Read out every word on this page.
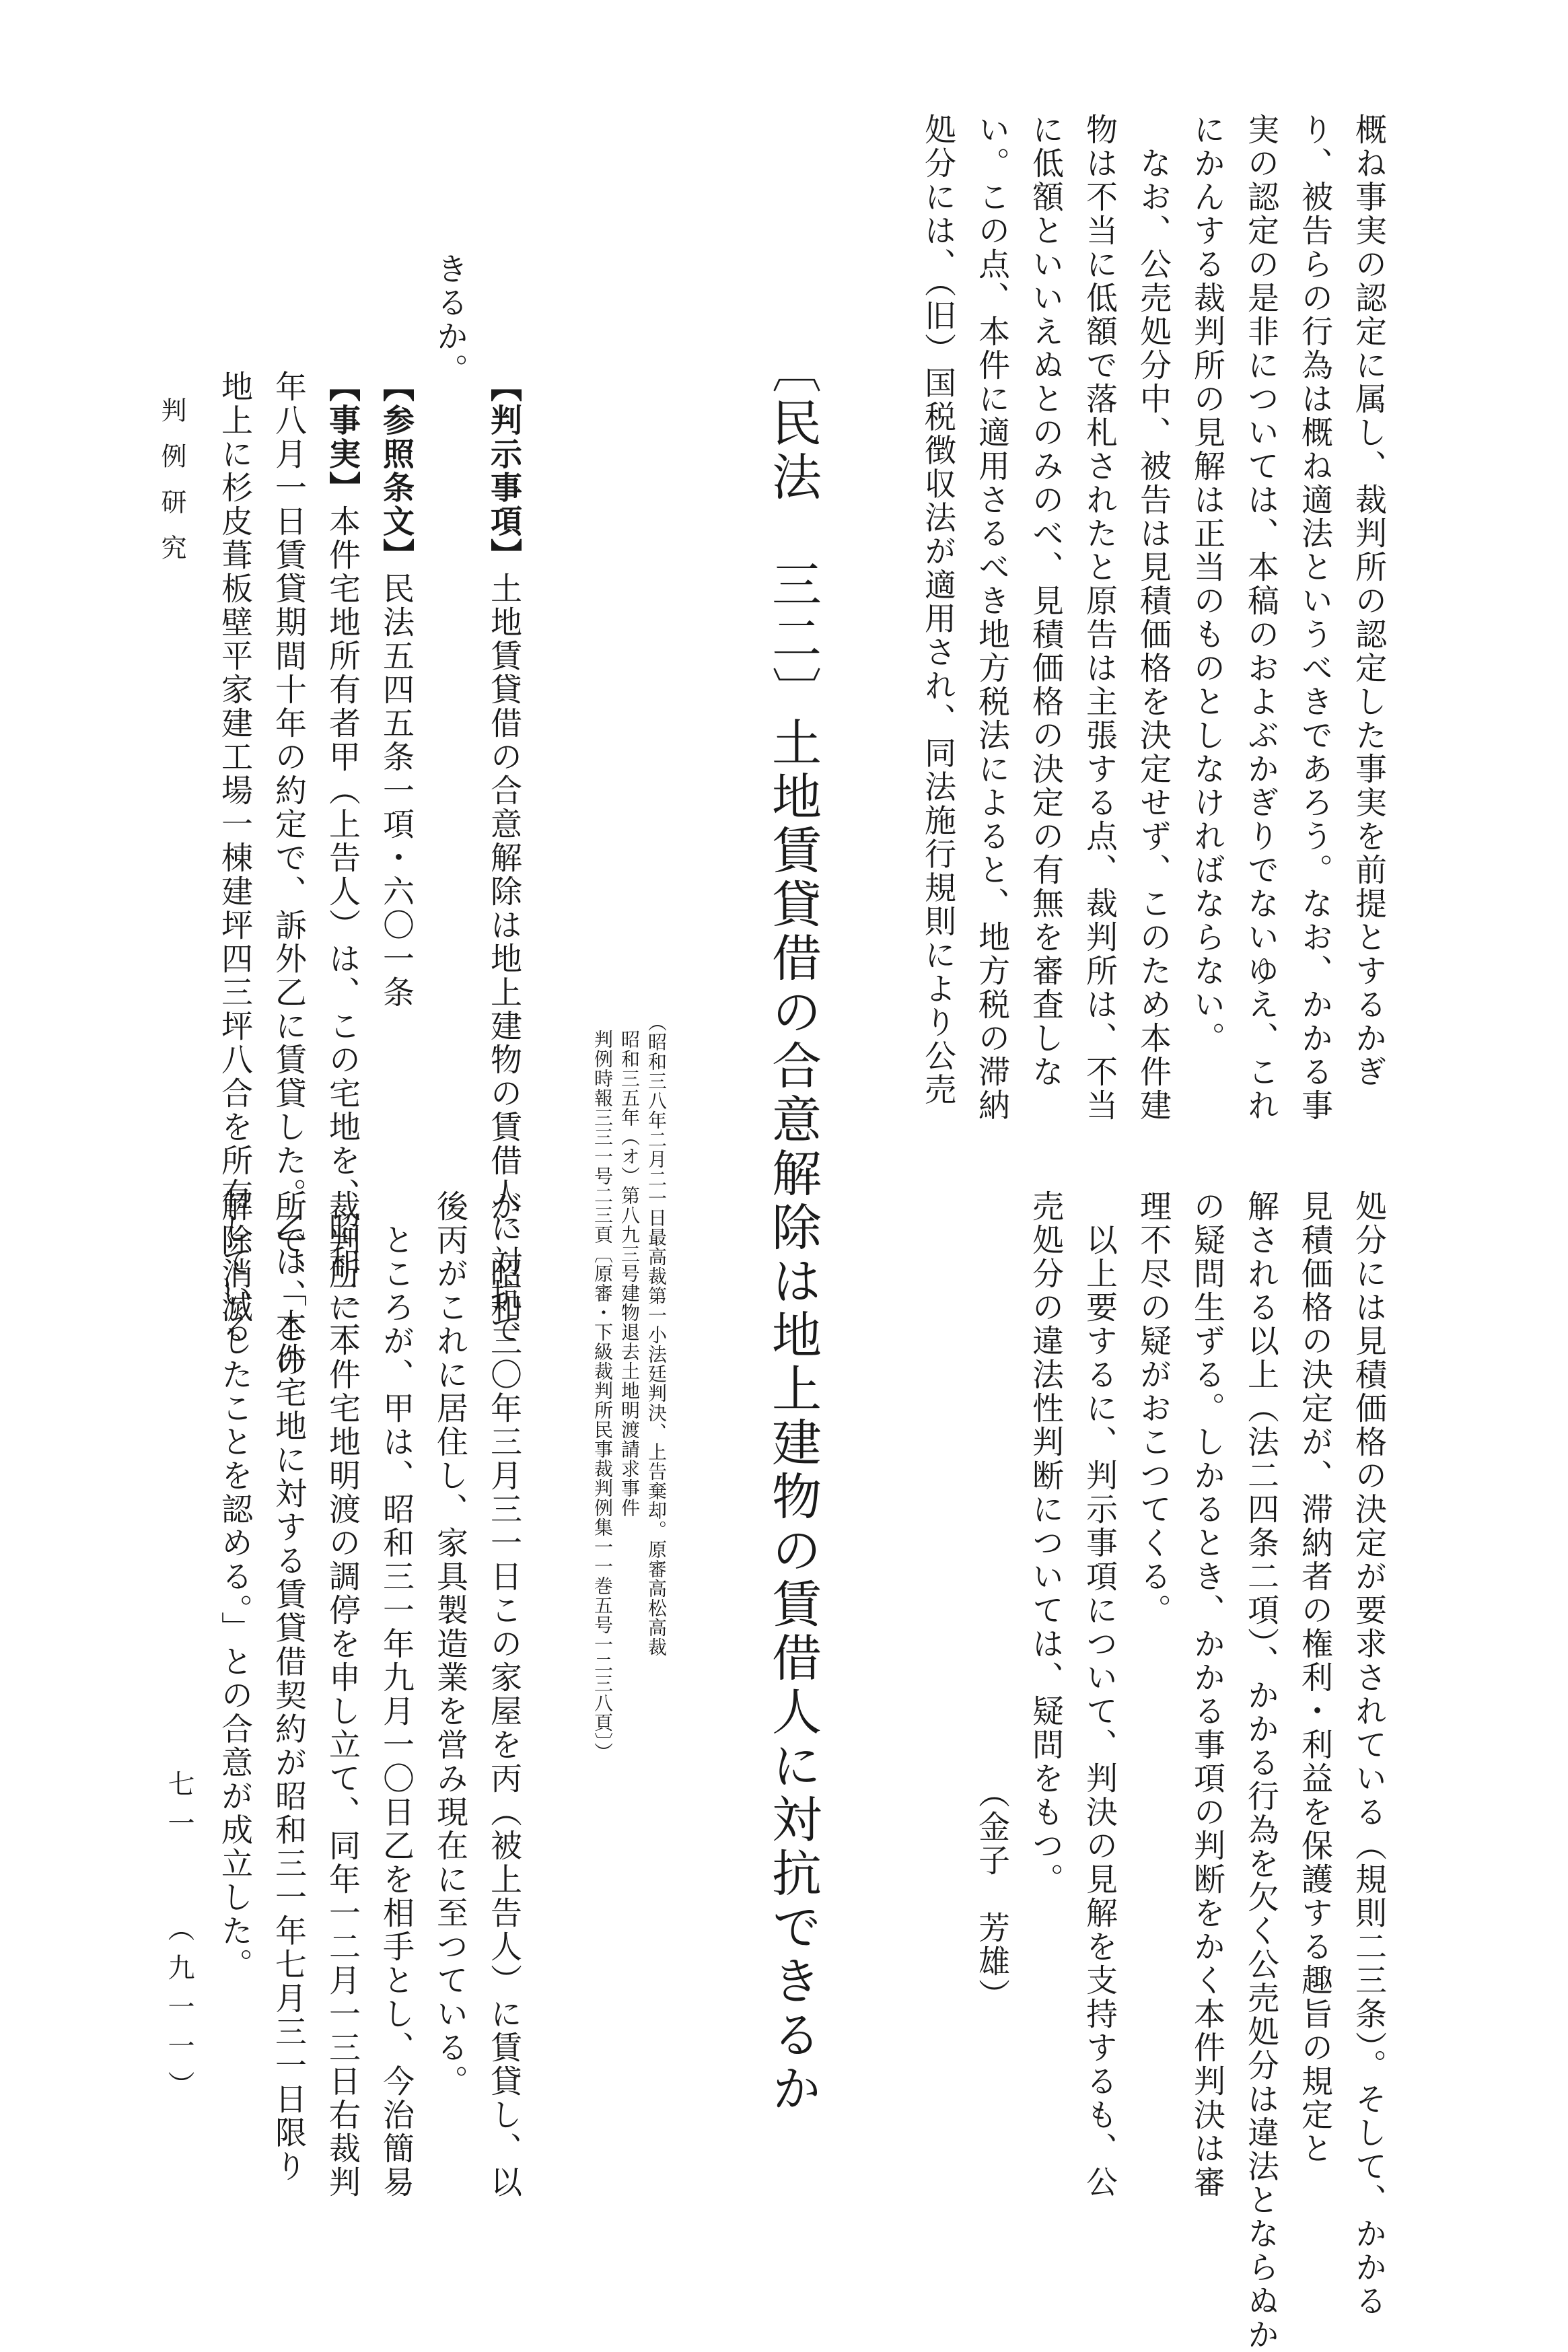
概ね事実の認定に属し、裁判所の認定した事実を前提とするかぎ
り、被告らの行為は概ね適法というべきであろう。なお、かかる事
実の認定の是非については、本稿のおよぶかぎりでないゆえ、これ
にかんする裁判所の見解は正当のものとしなければならない。
なお、公売処分中、被告は見積価格を決定せず、このため本件建
物は不当に低額で落札されたと原告は主張する点、裁判所は、不当
に低額といいえぬとのみのべ、見積価格の決定の有無を審査しな
い。この点、本件に適用さるべき地方税法によると、地方税の滞納
処分には、（旧）国税徴収法が適用され、同法施行規則により公売
処分には見積価格の決定が要求されている（規則二三条）。そして、かかる
見積価格の決定が、滞納者の権利・利益を保護する趣旨の規定と
解される以上（法二四条二項）、かかる行為を欠く公売処分は違法とならぬか
の疑問生ずる。しかるとき、かかる事項の判断をかく本件判決は審
理不尽の疑がおこつてくる。
以上要するに、判示事項について、判決の見解を支持するも、公
売処分の違法性判断については、疑問をもつ。
（金子　芳雄）
〔民法　三二〕
土地賃貸借の合意解除は地上建物の賃借人に対抗できるか
（昭和三八年二月二一日最高裁第一小法廷判決、上告棄却。原審高松高裁
昭和三五年（オ）第八九三号建物退去土地明渡請求事件
判例時報三三一号二三頁〔原審・下級裁判所民事裁判例集一一巻五号一二三八頁〕）
【判示事項】土地賃貸借の合意解除は地上建物の賃借人に対抗で
きるか。
【参照条文】民法五四五条一項・六〇一条
【事実】本件宅地所有者甲（上告人）は、この宅地を、昭和二一
年八月一日賃貸期間十年の約定で、訴外乙に賃貸した。乙は、この
地上に杉皮葺板壁平家建工場一棟建坪四三坪八合を所有している
が、昭和三〇年三月三一日この家屋を丙（被上告人）に賃貸し、以
後丙がこれに居住し、家具製造業を営み現在に至つている。
ところが、甲は、昭和三一年九月一〇日乙を相手とし、今治簡易
裁判所に本件宅地明渡の調停を申し立て、同年一二月一三日右裁判
所で、「本件宅地に対する賃貸借契約が昭和三一年七月三一日限り
解除消滅したことを認める。」との合意が成立した。
判例研究
七一
（九一一）
